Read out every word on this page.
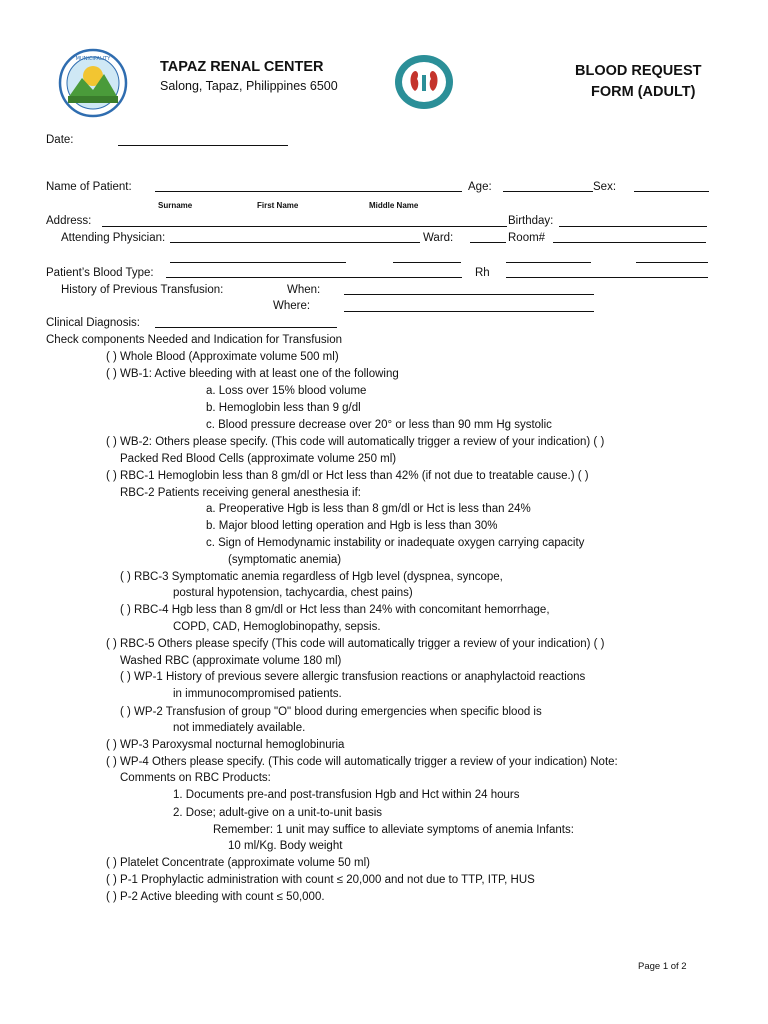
MUNICIPALITY	TAPAZ RENAL CENTER
Salong, Tapaz, Philippines 6500
BLOOD REQUEST
FORM (ADULT)
Date:
Name of Patient:	Age:	Sex:
Surname	First Name	Middle Name
Address:	Birthday:
Attending Physician:	Ward:	Room#
Patient’s Blood Type:	Rh
History of Previous Transfusion:	When:
Where:
Clinical Diagnosis:
Check components Needed and Indication for Transfusion
( ) Whole Blood (Approximate volume 500 ml)
( ) WB-1: Active bleeding with at least one of the following
a. Loss over 15% blood volume
b. Hemoglobin less than 9 g/dl
c. Blood pressure decrease over 20° or less than 90 mm Hg systolic
( ) WB-2: Others please specify. (This code will automatically trigger a review of your indication) ( )
Packed Red Blood Cells (approximate volume 250 ml)
( ) RBC-1 Hemoglobin less than 8 gm/dl or Hct less than 42% (if not due to treatable cause.) ( )
RBC-2 Patients receiving general anesthesia if:
a. Preoperative Hgb is less than 8 gm/dl or Hct is less than 24%
b. Major blood letting operation and Hgb is less than 30%
c. Sign of Hemodynamic instability or inadequate oxygen carrying capacity
(symptomatic anemia)
( ) RBC-3 Symptomatic anemia regardless of Hgb level (dyspnea, syncope,
postural hypotension, tachycardia, chest pains)
( ) RBC-4 Hgb less than 8 gm/dl or Hct less than 24% with concomitant hemorrhage,
COPD, CAD, Hemoglobinopathy, sepsis.
( ) RBC-5 Others please specify (This code will automatically trigger a review of your indication) ( )
Washed RBC (approximate volume 180 ml)
( ) WP-1 History of previous severe allergic transfusion reactions or anaphylactoid reactions
in immunocompromised patients.
( ) WP-2 Transfusion of group "O" blood during emergencies when specific blood is
not immediately available.
( ) WP-3 Paroxysmal nocturnal hemoglobinuria
( ) WP-4 Others please specify. (This code will automatically trigger a review of your indication) Note:
Comments on RBC Products:
1. Documents pre-and post-transfusion Hgb and Hct within 24 hours
2. Dose; adult-give on a unit-to-unit basis
Remember: 1 unit may suffice to alleviate symptoms of anemia Infants:
10 ml/Kg. Body weight
( ) Platelet Concentrate (approximate volume 50 ml)
( ) P-1 Prophylactic administration with count ≤ 20,000 and not due to TTP, ITP, HUS
( ) P-2 Active bleeding with count ≤ 50,000.
Page 1 of 2
